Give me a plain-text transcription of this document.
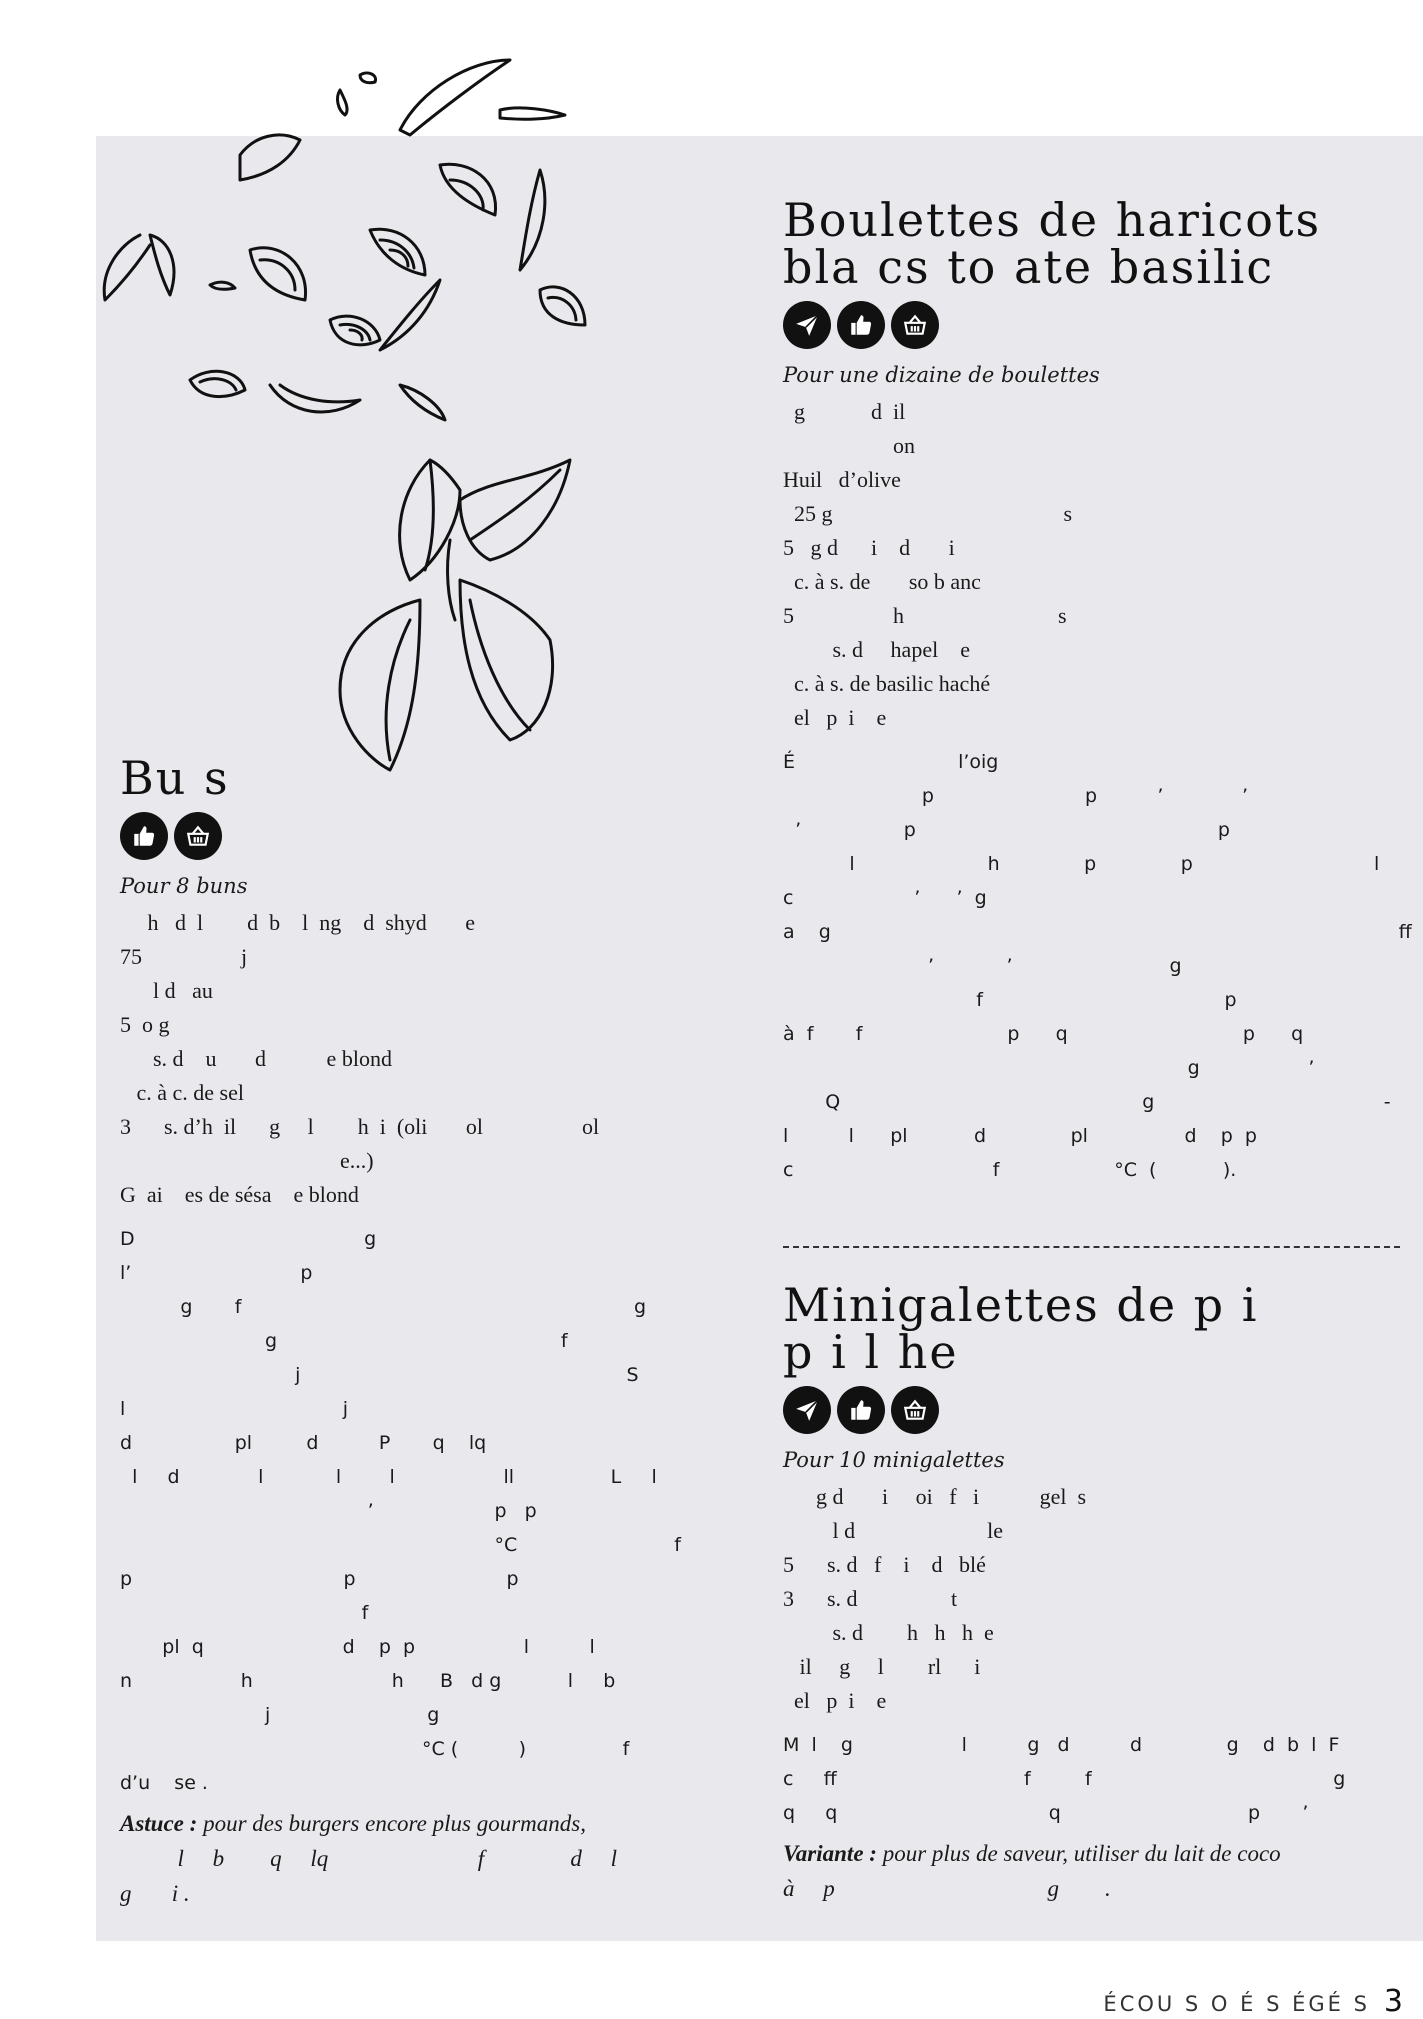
Bu s

Pour 8 buns

h   d  l        d  b    l  ng    d  shyd       e
75                  j
l d   au
5  o g
s. d    u       d           e blond
c. à c. de sel
3      s. d’h  il      g     l        h  i  (oli       ol                  ol
e...)
G  ai    es de sésa    e blond

D                                      g
l’                            p
g       f                                                                 g
g                                               f
j                                                      S
l                                    j
d                 pl         d          P       q    lq
l     d             l            l        l                  ll                L     l
’                    p   p
°C                          f
p                                   p                         p
f
pl  q                       d    p  p                  l          l
n                  h                       h      B   d g           l     b
j                          g
°C (          )                f
d’u    se .

Astuce : pour des burgers encore plus gourmands,
l     b        q     lq                          f               d     l
g       i .
Boulettes de haricots
bla cs to ate basilic

Pour une dizaine de boulettes

g            d  il
on
Huil   d’olive
25 g                                          s
5   g d      i    d       i
c. à s. de       so b anc
5                  h                            s
s. d     hapel    e
c. à s. de basilic haché
el   p  i    e

É                           l’oig
p                         p          ’             ’
’                 p                                                  p
l                      h              p              p                              l
c                    ’      ’  g
a    g
’            ’                          g
f                                        p
à  f       f                        p      q                             p      q
g                  ’
Q                                                  g                                      -
l          l      pl           d              pl                d    p  p
c                                 f                   °C  (           ).

Minigalettes de p i
p i l he

Pour 10 minigalettes

g d       i     oi   f   i           gel  s
l d                        le
5      s. d   f    i    d   blé
3      s. d                 t
s. d        h   h   h  e
il     g     l        rl      i
el   p  i    e

M  l    g                  l          g   d          d              g    d  b  l  F
c     ff                               f         f                                        g
q     q                                   q                               p       ’

Variante : pour plus de saveur, utiliser du lait de coco
à     p                                     g        .
ÉCOU S O É S ÉGÉ S 3
